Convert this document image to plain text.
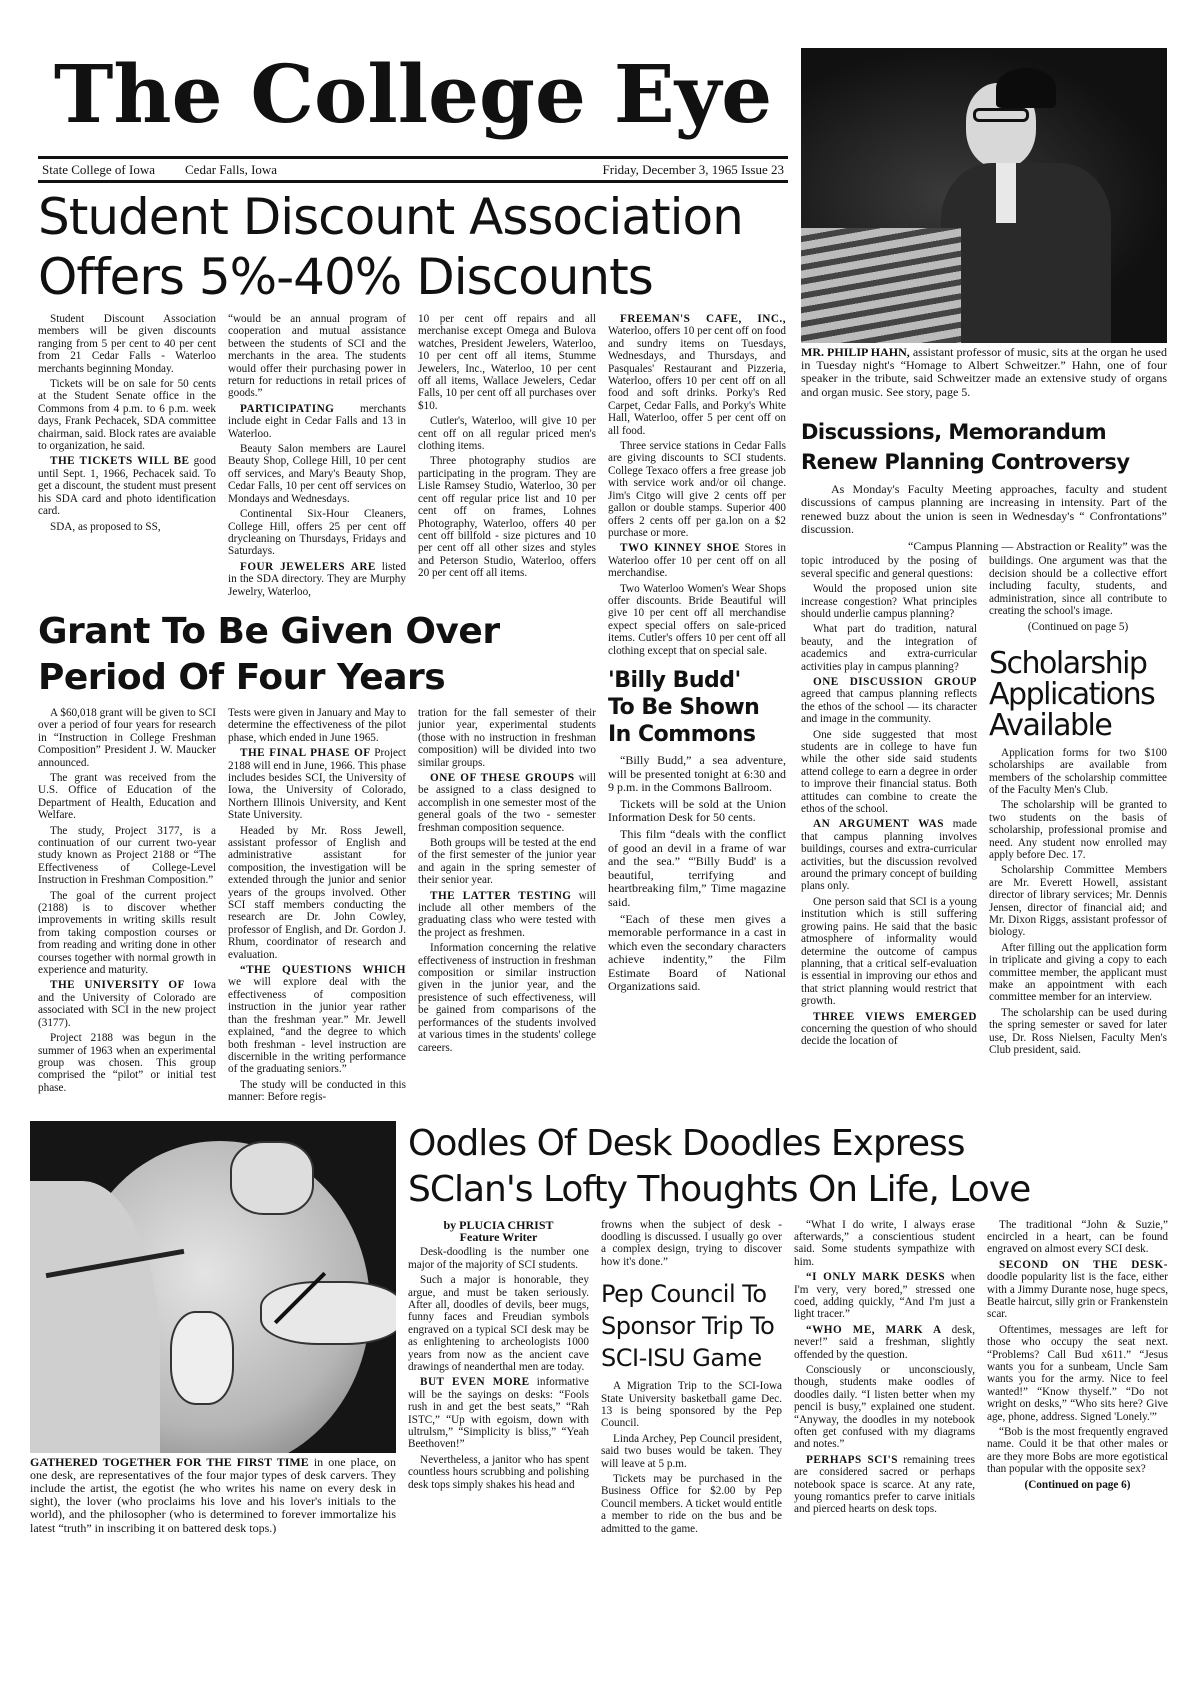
The College Eye
State College of Iowa Cedar Falls, Iowa	Friday, December 3, 1965 Issue 23
Student Discount Association
Offers 5%-40% Discounts

Student Discount Association members will be given discounts ranging from 5 per cent to 40 per cent from 21 Cedar Falls - Waterloo merchants beginning Monday.

Tickets will be on sale for 50 cents at the Student Senate office in the Commons from 4 p.m. to 6 p.m. week days, Frank Pechacek, SDA committee chairman, said. Block rates are avaiable to organization, he said.

THE TICKETS WILL BE good until Sept. 1, 1966, Pechacek said. To get a discount, the student must present his SDA card and photo identification card.

SDA, as proposed to SS,

“would be an annual program of cooperation and mutual assistance between the students of SCI and the merchants in the area. The students would offer their purchasing power in return for reductions in retail prices of goods.”

PARTICIPATING merchants include eight in Cedar Falls and 13 in Waterloo.

Beauty Salon members are Laurel Beauty Shop, College Hill, 10 per cent off services, and Mary's Beauty Shop, Cedar Falls, 10 per cent off services on Mondays and Wednesdays.

Continental Six-Hour Cleaners, College Hill, offers 25 per cent off drycleaning on Thursdays, Fridays and Saturdays.

FOUR JEWELERS ARE listed in the SDA directory. They are Murphy Jewelry, Waterloo,

10 per cent off repairs and all merchanise except Omega and Bulova watches, President Jewelers, Waterloo, 10 per cent off all items, Stumme Jewelers, Inc., Waterloo, 10 per cent off all items, Wallace Jewelers, Cedar Falls, 10 per cent off all purchases over $10.

Cutler's, Waterloo, will give 10 per cent off on all regular priced men's clothing items.

Three photography studios are participating in the program. They are Lisle Ramsey Studio, Waterloo, 30 per cent off regular price list and 10 per cent off on frames, Lohnes Photography, Waterloo, offers 40 per cent off billfold - size pictures and 10 per cent off all other sizes and styles and Peterson Studio, Waterloo, offers 20 per cent off all items.

Grant To Be Given Over
Period Of Four Years

A $60,018 grant will be given to SCI over a period of four years for research in “Instruction in College Freshman Composition” President J. W. Maucker announced.

The grant was received from the U.S. Office of Education of the Department of Health, Education and Welfare.

The study, Project 3177, is a continuation of our current two-year study known as Project 2188 or “The Effectiveness of College-Level Instruction in Freshman Composition.”

The goal of the current project (2188) is to discover whether improvements in writing skills result from taking compostion courses or from reading and writing done in other courses together with normal growth in experience and maturity.

THE UNIVERSITY OF Iowa and the University of Colorado are associated with SCI in the new project (3177).

Project 2188 was begun in the summer of 1963 when an experimental group was chosen. This group comprised the “pilot” or initial test phase.

Tests were given in January and May to determine the effectiveness of the pilot phase, which ended in June 1965.

THE FINAL PHASE OF Project 2188 will end in June, 1966. This phase includes besides SCI, the University of Iowa, the University of Colorado, Northern Illinois University, and Kent State University.

Headed by Mr. Ross Jewell, assistant professor of English and administrative assistant for composition, the investigation will be extended through the junior and senior years of the groups involved. Other SCI staff members conducting the research are Dr. John Cowley, professor of English, and Dr. Gordon J. Rhum, coordinator of research and evaluation.

“THE QUESTIONS WHICH we will explore deal with the effectiveness of composition instruction in the junior year rather than the freshman year.” Mr. Jewell explained, “and the degree to which both freshman - level instruction are discernible in the writing performance of the graduating seniors.”

The study will be conducted in this manner: Before regis-

tration for the fall semester of their junior year, experimental students (those with no instruction in freshman composition) will be divided into two similar groups.

ONE OF THESE GROUPS will be assigned to a class designed to accomplish in one semester most of the general goals of the two - semester freshman composition sequence.

Both groups will be tested at the end of the first semester of the junior year and again in the spring semester of their senior year.

THE LATTER TESTING will include all other members of the graduating class who were tested with the project as freshmen.

Information concerning the relative effectiveness of instruction in freshman composition or similar instruction given in the junior year, and the presistence of such effectiveness, will be gained from comparisons of the performances of the students involved at various times in the students' college careers.

FREEMAN'S CAFE, INC., Waterloo, offers 10 per cent off on food and sundry items on Tuesdays, Wednesdays, and Thursdays, and Pasquales' Restaurant and Pizzeria, Waterloo, offers 10 per cent off on all food and soft drinks. Porky's Red Carpet, Cedar Falls, and Porky's White Hall, Waterloo, offer 5 per cent off on all food.

Three service stations in Cedar Falls are giving discounts to SCI students. College Texaco offers a free grease job with service work and/or oil change. Jim's Citgo will give 2 cents off per gallon or double stamps. Superior 400 offers 2 cents off per ga.lon on a $2 purchase or more.

TWO KINNEY SHOE Stores in Waterloo offer 10 per cent off on all merchandise.

Two Waterloo Women's Wear Shops offer discounts. Bride Beautiful will give 10 per cent off all merchandise expect special offers on sale-priced items. Cutler's offers 10 per cent off all clothing except that on special sale.

'Billy Budd'
To Be Shown
In Commons

“Billy Budd,” a sea adventure, will be presented tonight at 6:30 and 9 p.m. in the Commons Ballroom.

Tickets will be sold at the Union Information Desk for 50 cents.

This film “deals with the conflict of good an devil in a frame of war and the sea.” “'Billy Budd' is a beautiful, terrifying and heartbreaking film,” Time magazine said.

“Each of these men gives a memorable performance in a cast in which even the secondary characters achieve indentity,” the Film Estimate Board of National Organizations said.

MR. PHILIP HAHN, assistant professor of music, sits at the organ he used in Tuesday night's “Homage to Albert Schweitzer.” Hahn, one of four speaker in the tribute, said Schweitzer made an extensive study of organs and organ music. See story, page 5.
Discussions, Memorandum
Renew Planning Controversy

As Monday's Faculty Meeting approaches, faculty and student discussions of campus planning are increasing in intensity. Part of the renewed buzz about the union is seen in Wednesday's “ Confrontations” discussion.

“Campus Planning — Abstraction or Reality” was the

topic introduced by the posing of several specific and general questions:

Would the proposed union site increase congestion? What principles should underlie campus planning?

What part do tradition, natural beauty, and the integration of academics and extra-curricular activities play in campus planning?

ONE DISCUSSION GROUP agreed that campus planning reflects the ethos of the school — its character and image in the community.

One side suggested that most students are in college to have fun while the other side said students attend college to earn a degree in order to improve their financial status. Both attitudes can combine to create the ethos of the school.

AN ARGUMENT WAS made that campus planning involves buildings, courses and extra-curricular activities, but the discussion revolved around the primary concept of building plans only.

One person said that SCI is a young institution which is still suffering growing pains. He said that the basic atmosphere of informality would determine the outcome of campus planning, that a critical self-evaluation is essential in improving our ethos and that strict planning would restrict that growth.

THREE VIEWS EMERGED concerning the question of who should decide the location of

buildings. One argument was that the decision should be a collective effort including faculty, students, and administration, since all contribute to creating the school's image.

(Continued on page 5)

Scholarship
Applications
Available

Application forms for two $100 scholarships are available from members of the scholarship committee of the Faculty Men's Club.

The scholarship will be granted to two students on the basis of scholarship, professional promise and need. Any student now enrolled may apply before Dec. 17.

Scholarship Committee Members are Mr. Everett Howell, assistant director of library services; Mr. Dennis Jensen, director of financial aid; and Mr. Dixon Riggs, assistant professor of biology.

After filling out the application form in triplicate and giving a copy to each committee member, the applicant must make an appointment with each committee member for an interview.

The scholarship can be used during the spring semester or saved for later use, Dr. Ross Nielsen, Faculty Men's Club president, said.

GATHERED TOGETHER FOR THE FIRST TIME in one place, on one desk, are representatives of the four major types of desk carvers. They include the artist, the egotist (he who writes his name on every desk in sight), the lover (who proclaims his love and his lover's initials to the world), and the philosopher (who is determined to forever immortalize his latest “truth” in inscribing it on battered desk tops.)
Oodles Of Desk Doodles Express
SClan's Lofty Thoughts On Life, Love

by PLUCIA CHRIST

Feature Writer

Desk-doodling is the number one major of the majority of SCI students.

Such a major is honorable, they argue, and must be taken seriously. After all, doodles of devils, beer mugs, funny faces and Freudian symbols engraved on a typical SCI desk may be as enlightening to archeologists 1000 years from now as the ancient cave drawings of neanderthal men are today.

BUT EVEN MORE informative will be the sayings on desks: “Fools rush in and get the best seats,” “Rah ISTC,” “Up with egoism, down with ultrulsm,” “Simplicity is bliss,” “Yeah Beethoven!”

Nevertheless, a janitor who has spent countless hours scrubbing and polishing desk tops simply shakes his head and

frowns when the subject of desk - doodling is discussed. I usually go over a complex design, trying to discover how it's done.”

Pep Council To
Sponsor Trip To
SCI-ISU Game

A Migration Trip to the SCI-Iowa State University basketball game Dec. 13 is being sponsored by the Pep Council.

Linda Archey, Pep Council president, said two buses would be taken. They will leave at 5 p.m.

Tickets may be purchased in the Business Office for $2.00 by Pep Council members. A ticket would entitle a member to ride on the bus and be admitted to the game.

“What I do write, I always erase afterwards,” a conscientious student said. Some students sympathize with him.

“I ONLY MARK DESKS when I'm very, very bored,” stressed one coed, adding quickly, “And I'm just a light tracer.”

“WHO ME, MARK A desk, never!” said a freshman, slightly offended by the question.

Consciously or unconsciously, though, students make oodles of doodles daily. “I listen better when my pencil is busy,” explained one student. “Anyway, the doodles in my notebook often get confused with my diagrams and notes.”

PERHAPS SCI'S remaining trees are considered sacred or perhaps notebook space is scarce. At any rate, young romantics prefer to carve initials and pierced hearts on desk tops.

The traditional “John & Suzie,” encircled in a heart, can be found engraved on almost every SCI desk.

SECOND ON THE DESK-doodle popularity list is the face, either with a Jimmy Durante nose, huge specs, Beatle haircut, silly grin or Frankenstein scar.

Oftentimes, messages are left for those who occupy the seat next. “Problems? Call Bud x611.” “Jesus wants you for a sunbeam, Uncle Sam wants you for the army. Nice to feel wanted!” “Know thyself.” “Do not wright on desks,” “Who sits here? Give age, phone, address. Signed 'Lonely.'”

“Bob is the most frequently engraved name. Could it be that other males or are they more Bobs are more egotistical than popular with the opposite sex?

(Continued on page 6)
